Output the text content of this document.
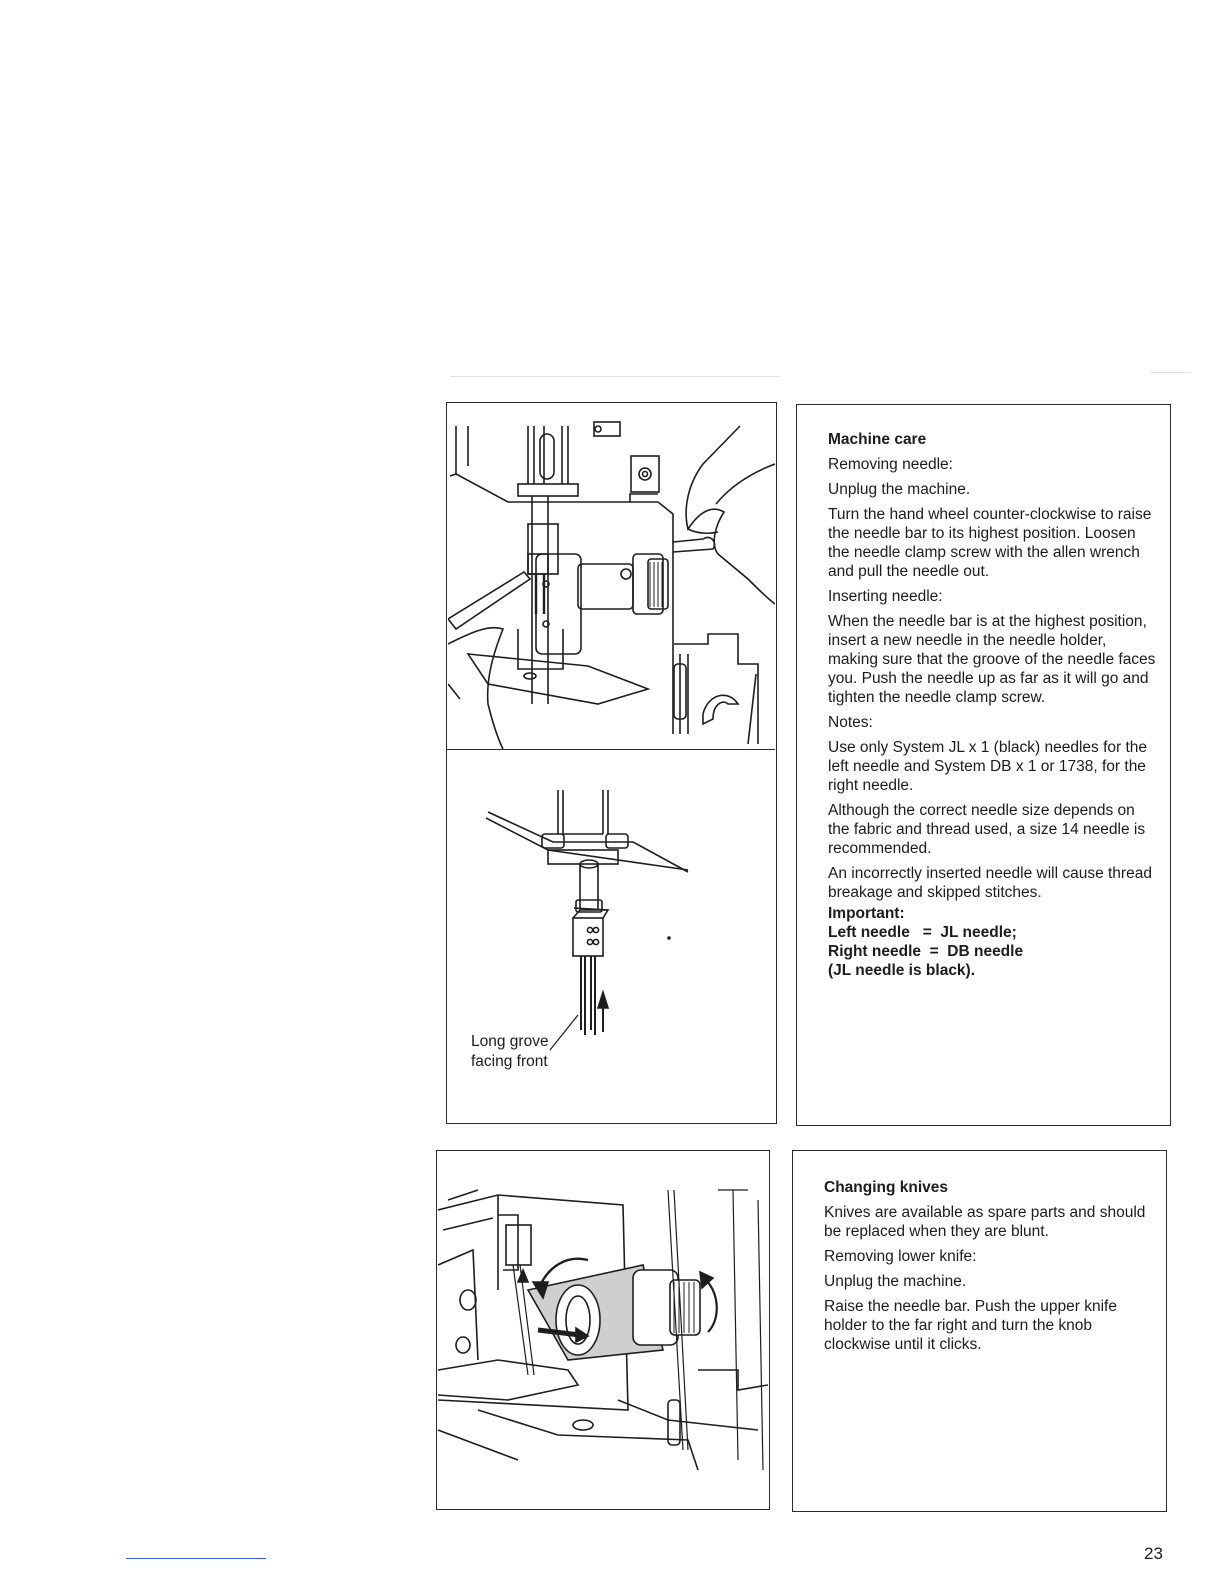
Long grove
facing front

Machine care

Removing needle:

Unplug the machine.

Turn the hand wheel counter-clockwise to raise the needle bar to its highest position. Loosen the needle clamp screw with the allen wrench and pull the needle out.

Inserting needle:

When the needle bar is at the highest position, insert a new needle in the needle holder, making sure that the groove of the needle faces you. Push the needle up as far as it will go and tighten the needle clamp screw.

Notes:

Use only System JL x 1 (black) needles for the left needle and System DB x 1 or 1738, for the right needle.

Although the correct needle size depends on the fabric and thread used, a size 14 needle is recommended.

An incorrectly inserted needle will cause thread breakage and skipped stitches.

Important:

Left needle   =  JL needle;

Right needle  =  DB needle

(JL needle is black).

Changing knives

Knives are available as spare parts and should be replaced when they are blunt.

Removing lower knife:

Unplug the machine.

Raise the needle bar. Push the upper knife holder to the far right and turn the knob clockwise until it clicks.

23
